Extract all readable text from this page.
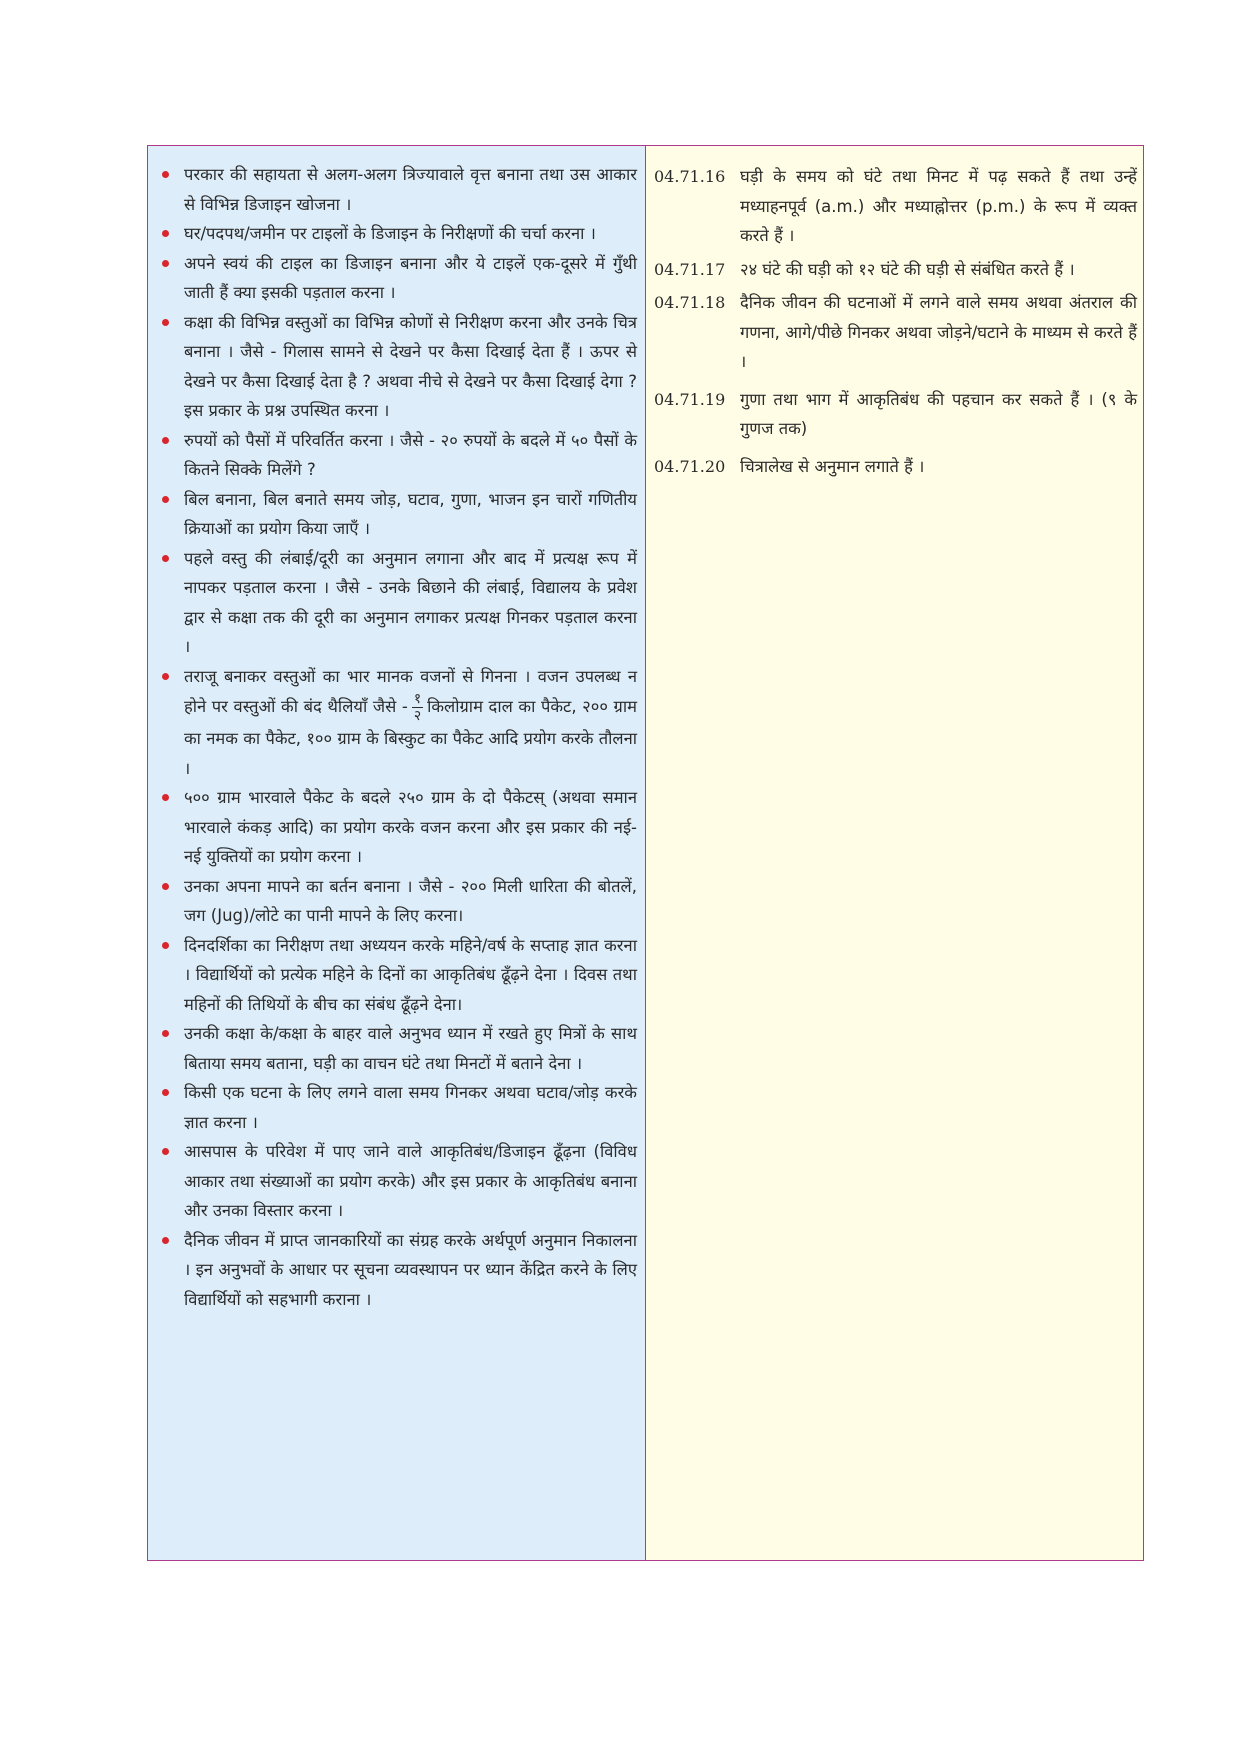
परकार की सहायता से अलग-अलग त्रिज्यावाले वृत्त बनाना तथा उस आकार से विभिन्न डिजाइन खोजना ।
घर/पदपथ/जमीन पर टाइलों के डिजाइन के निरीक्षणों की चर्चा करना ।
अपने स्वयं की टाइल का डिजाइन बनाना और ये टाइलें एक-दूसरे में गुँथी जाती हैं क्या इसकी पड़ताल करना ।
कक्षा की विभिन्न वस्तुओं का विभिन्न कोणों से निरीक्षण करना और उनके चित्र बनाना । जैसे - गिलास सामने से देखने पर कैसा दिखाई देता हैं । ऊपर से देखने पर कैसा दिखाई देता है ? अथवा नीचे से देखने पर कैसा दिखाई देगा ? इस प्रकार के प्रश्न उपस्थित करना ।
रुपयों को पैसों में परिवर्तित करना । जैसे - २० रुपयों के बदले में ५० पैसों के कितने सिक्के मिलेंगे ?
बिल बनाना, बिल बनाते समय जोड़, घटाव, गुणा, भाजन इन चारों गणितीय क्रियाओं का प्रयोग किया जाएँ ।
पहले वस्तु की लंबाई/दूरी का अनुमान लगाना और बाद में प्रत्यक्ष रूप में नापकर पड़ताल करना । जैसे - उनके बिछाने की लंबाई, विद्यालय के प्रवेश द्वार से कक्षा तक की दूरी का अनुमान लगाकर प्रत्यक्ष गिनकर पड़ताल करना ।
तराजू बनाकर वस्तुओं का भार मानक वजनों से गिनना । वजन उपलब्ध न होने पर वस्तुओं की बंद थैलियाँ जैसे - $\frac{१}{२}$ किलोग्राम दाल का पैकेट, २०० ग्राम का नमक का पैकेट, १०० ग्राम के बिस्कुट का पैकेट आदि प्रयोग करके तौलना ।
५०० ग्राम भारवाले पैकेट के बदले २५० ग्राम के दो पैकेटस् (अथवा समान भारवाले कंकड़ आदि) का प्रयोग करके वजन करना और इस प्रकार की नई-नई युक्तियों का प्रयोग करना ।
उनका अपना मापने का बर्तन बनाना । जैसे - २०० मिली धारिता की बोतलें, जग (Jug)/लोटे का पानी मापने के लिए करना।
दिनदर्शिका का निरीक्षण तथा अध्ययन करके महिने/वर्ष के सप्ताह ज्ञात करना । विद्यार्थियों को प्रत्येक महिने के दिनों का आकृतिबंध ढूँढ़ने देना । दिवस तथा महिनों की तिथियों के बीच का संबंध ढूँढ़ने देना।
उनकी कक्षा के/कक्षा के बाहर वाले अनुभव ध्यान में रखते हुए मित्रों के साथ बिताया समय बताना, घड़ी का वाचन घंटे तथा मिनटों में बताने देना ।
किसी एक घटना के लिए लगने वाला समय गिनकर अथवा घटाव/जोड़ करके ज्ञात करना ।
आसपास के परिवेश में पाए जाने वाले आकृतिबंध/डिजाइन ढूँढ़ना (विविध आकार तथा संख्याओं का प्रयोग करके) और इस प्रकार के आकृतिबंध बनाना और उनका विस्तार करना ।
दैनिक जीवन में प्राप्त जानकारियों का संग्रह करके अर्थपूर्ण अनुमान निकालना । इन अनुभवों के आधार पर सूचना व्यवस्थापन पर ध्यान केंद्रित करने के लिए विद्यार्थियों को सहभागी कराना ।
04.71.16 घड़ी के समय को घंटे तथा मिनट में पढ़ सकते हैं तथा उन्हें मध्याहनपूर्व (a.m.) और मध्याह्नोत्तर (p.m.) के रूप में व्यक्त करते हैं ।
04.71.17 २४ घंटे की घड़ी को १२ घंटे की घड़ी से संबंधित करते हैं ।
04.71.18 दैनिक जीवन की घटनाओं में लगने वाले समय अथवा अंतराल की गणना, आगे/पीछे गिनकर अथवा जोड़ने/घटाने के माध्यम से करते हैं ।
04.71.19 गुणा तथा भाग में आकृतिबंध की पहचान कर सकते हैं । (९ के गुणज तक)
04.71.20 चित्रालेख से अनुमान लगाते हैं ।
